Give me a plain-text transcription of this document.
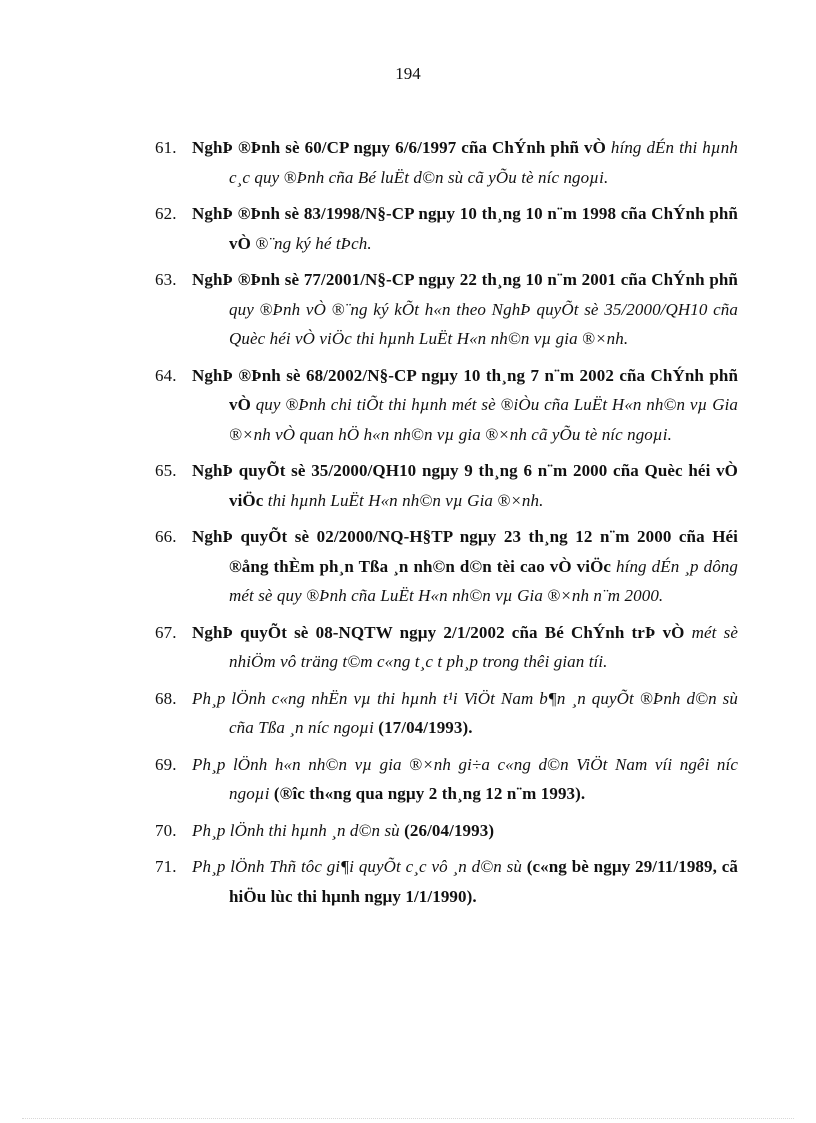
194
61. NghÞ ®Þnh sè 60/CP ngµy 6/6/1997 cña ChÝnh phñ vÒ híng dÉn thi hµnh c¸c quy ®Þnh cña Bé luËt d©n sù cã yÕu tè níc ngoµi.
62. NghÞ ®Þnh sè 83/1998/N§-CP ngµy 10 th¸ng 10 n¨m 1998 cña ChÝnh phñ vÒ ®¨ng ký hé tÞch.
63. NghÞ ®Þnh sè 77/2001/N§-CP ngµy 22 th¸ng 10 n¨m 2001 cña ChÝnh phñ quy ®Þnh vÒ ®¨ng ký kÕt h«n theo NghÞ quyÕt sè 35/2000/QH10 cña Quèc héi vÒ viÖc thi hµnh LuËt H«n nh©n vµ gia ®×nh.
64. NghÞ ®Þnh sè 68/2002/N§-CP ngµy 10 th¸ng 7 n¨m 2002 cña ChÝnh phñ vÒ quy ®Þnh chi tiÕt thi hµnh mét sè ®iÒu cña LuËt H«n nh©n vµ Gia ®×nh vÒ quan hÖ h«n nh©n vµ gia ®×nh cã yÕu tè níc ngoµi.
65. NghÞ quyÕt sè 35/2000/QH10 ngµy 9 th¸ng 6 n¨m 2000 cña Quèc héi vÒ viÖc thi hµnh LuËt H«n nh©n vµ Gia ®×nh.
66. NghÞ quyÕt sè 02/2000/NQ-H§TP ngµy 23 th¸ng 12 n¨m 2000 cña Héi ®ång thÈm ph¸n Tßa ¸n nh©n d©n tèi cao vÒ viÖc híng dÉn ¸p dông mét sè quy ®Þnh cña LuËt H«n nh©n vµ Gia ®×nh n¨m 2000.
67. NghÞ quyÕt sè 08-NQTW ngµy 2/1/2002 cña Bé ChÝnh trÞ vÒ mét sè nhiÖm vô träng t©m c«ng t¸c t ph¸p trong thêi gian tíi.
68. Ph¸p lÖnh c«ng nhËn vµ thi hµnh t¹i ViÖt Nam b¶n ¸n quyÕt ®Þnh d©n sù cña Tßa ¸n níc ngoµi (17/04/1993).
69. Ph¸p lÖnh h«n nh©n vµ gia ®×nh gi÷a c«ng d©n ViÖt Nam víi ngêi níc ngoµi (®îc th«ng qua ngµy 2 th¸ng 12 n¨m 1993).
70. Ph¸p lÖnh thi hµnh ¸n d©n sù (26/04/1993)
71. Ph¸p lÖnh Thñ tôc gi¶i quyÕt c¸c vô ¸n d©n sù (c«ng bè ngµy 29/11/1989, cã hiÖu lùc thi hµnh ngµy 1/1/1990).
